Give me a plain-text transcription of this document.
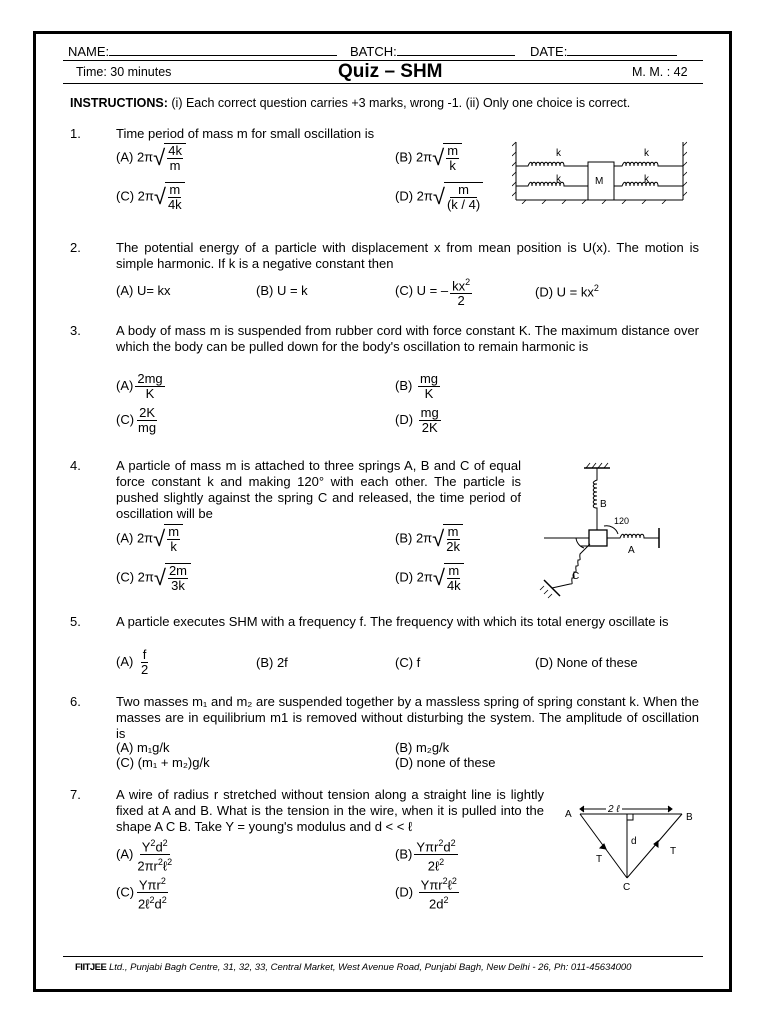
NAME:	BATCH:	DATE:
Time: 30 minutes	Quiz – SHM	M. M. : 42
INSTRUCTIONS: (i) Each correct question carries +3 marks, wrong -1. (ii) Only one choice is correct.
1.	Time period of mass m for small oscillation is
(A) 2π √ 4k
m
(B) 2π √ m
k
(C) 2π √ m
4k
(D) 2π √ m
(k / 4)
k
k
k
k
M
2.	The potential energy of a particle with displacement x from mean position is U(x). The motion is simple harmonic. If k is a negative constant then
(A) U= kx	(B) U = k	(C) U = – $\frac{kx^2}{2}$	(D) $U = kx^2$
3.	A body of mass m is suspended from rubber cord with force constant K. The maximum distance over which the body can be pulled down for the body's oscillation to remain harmonic is
$(A) \frac{2mg}{K}$	$(B) \frac{mg}{K}$
$(C) \frac{2K}{mg}$	$(D) \frac{mg}{2K}$
4.	A particle of mass m is attached to three springs A, B and C of equal force constant k and making 120° with each other. The particle is pushed slightly against the spring C and released, the time period of oscillation will be
(A) 2π √ m
k
(B) 2π √ m
2k
(C) 2π √ 2m
3k
(D) 2π √ m
4k
B
120
A
C
5.	A particle executes SHM with a frequency f. The frequency with which its total energy oscillate is
$(A) \frac{f}{2}$	(B) 2f	(C) f	(D) None of these
6.	Two masses m₁ and m₂ are suspended together by a massless spring of spring constant k. When the masses are in equilibrium m1 is removed without disturbing the system. The amplitude of oscillation is
(A) m₁g/k	(B) m₂g/k
(C) (m₁ + m₂)g/k	(D) none of these
7.	A wire of radius r stretched without tension along a straight line is lightly fixed at A and B. What is the tension in the wire, when it is pulled into the shape A C B. Take Y = young's modulus and d < < ℓ
$(A) \frac{Y^2d^2}{2\pi r^2\ell^2}$	$(B) \frac{Y\pi r^2d^2}{2\ell^2}$
$(C) \frac{Y\pi r^2}{2\ell^2d^2}$	$(D) \frac{Y\pi r^2\ell^2}{2d^2}$
A	B
C
2 ℓ
d
T
T
FIITJEE Ltd., Punjabi Bagh Centre, 31, 32, 33, Central Market, West Avenue Road, Punjabi Bagh, New Delhi - 26, Ph: 011-45634000
